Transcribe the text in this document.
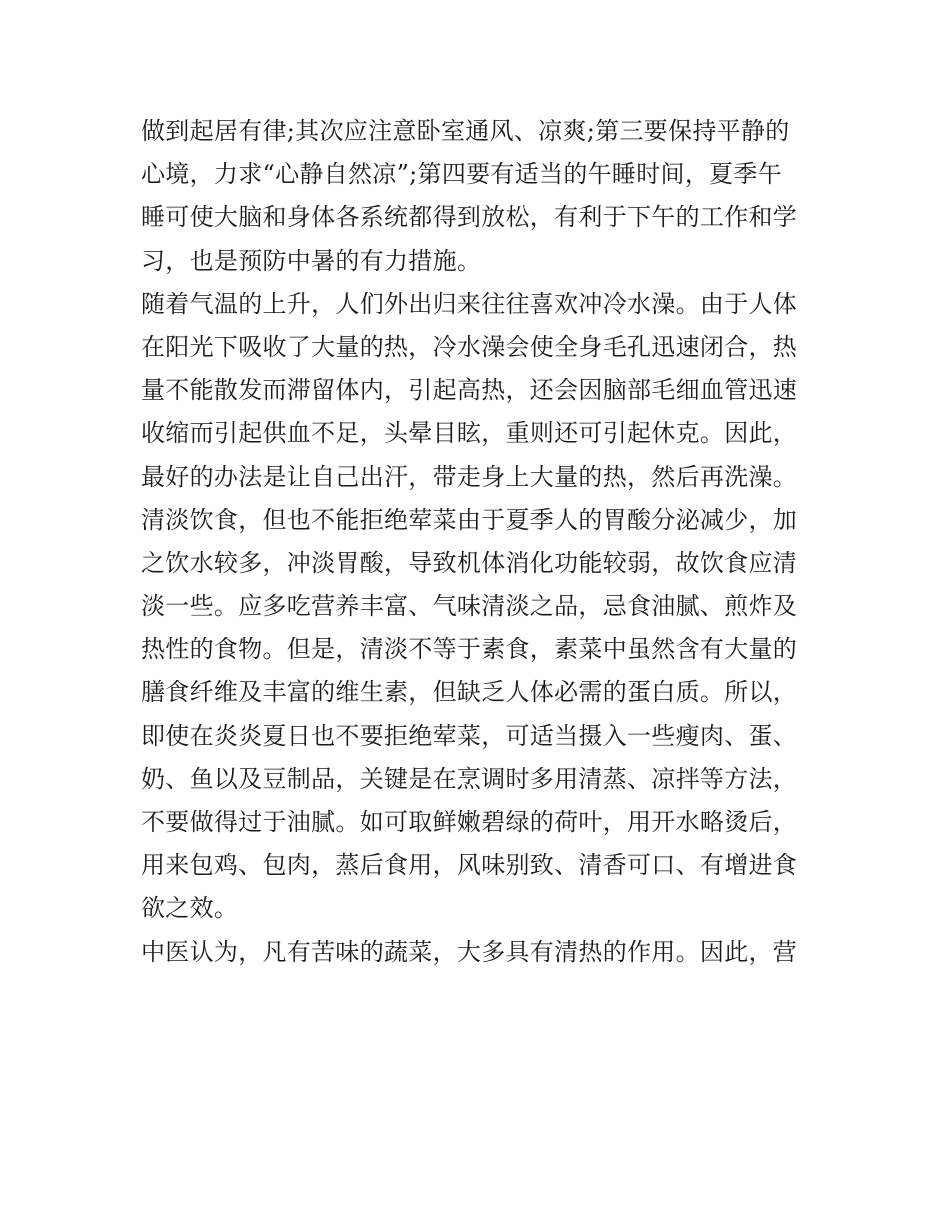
做到起居有律;其次应注意卧室通风、凉爽;第三要保持平静的
心境，力求“心静自然凉”;第四要有适当的午睡时间，夏季午
睡可使大脑和身体各系统都得到放松，有利于下午的工作和学
习，也是预防中暑的有力措施。
随着气温的上升，人们外出归来往往喜欢冲冷水澡。由于人体
在阳光下吸收了大量的热，冷水澡会使全身毛孔迅速闭合，热
量不能散发而滞留体内，引起高热，还会因脑部毛细血管迅速
收缩而引起供血不足，头晕目眩，重则还可引起休克。因此，
最好的办法是让自己出汗，带走身上大量的热，然后再洗澡。
清淡饮食，但也不能拒绝荤菜由于夏季人的胃酸分泌减少，加
之饮水较多，冲淡胃酸，导致机体消化功能较弱，故饮食应清
淡一些。应多吃营养丰富、气味清淡之品，忌食油腻、煎炸及
热性的食物。但是，清淡不等于素食，素菜中虽然含有大量的
膳食纤维及丰富的维生素，但缺乏人体必需的蛋白质。所以，
即使在炎炎夏日也不要拒绝荤菜，可适当摄入一些瘦肉、蛋、
奶、鱼以及豆制品，关键是在烹调时多用清蒸、凉拌等方法，
不要做得过于油腻。如可取鲜嫩碧绿的荷叶，用开水略烫后，
用来包鸡、包肉，蒸后食用，风味别致、清香可口、有增进食
欲之效。
中医认为，凡有苦味的蔬菜，大多具有清热的作用。因此，营
